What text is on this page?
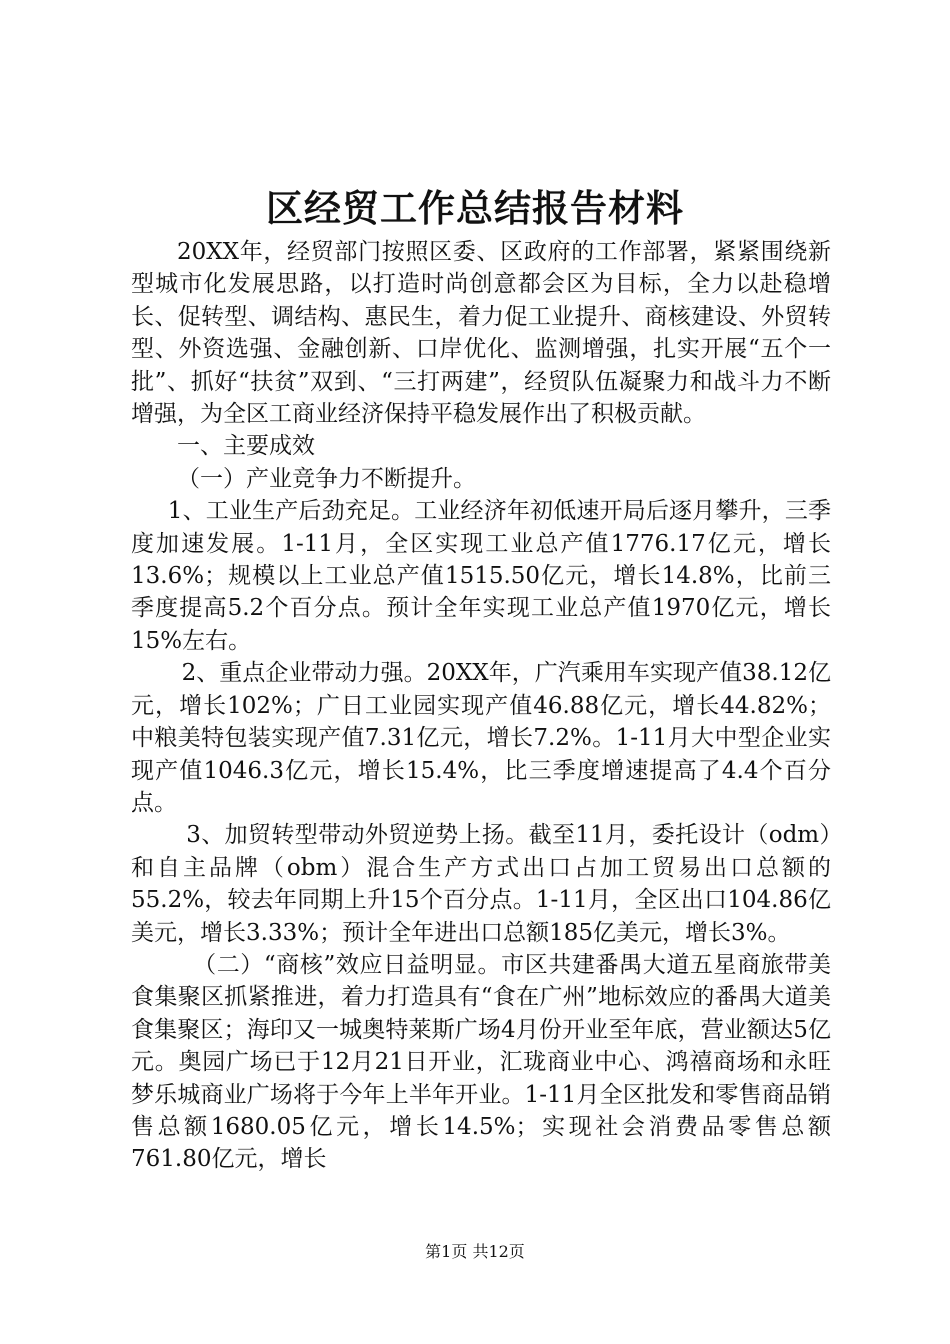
区经贸工作总结报告材料

20XX年，经贸部门按照区委、区政府的工作部署，紧紧围绕新型城市化发展思路，以打造时尚创意都会区为目标，全力以赴稳增长、促转型、调结构、惠民生，着力促工业提升、商核建设、外贸转型、外资选强、金融创新、口岸优化、监测增强，扎实开展“五个一批”、抓好“扶贫”双到、“三打两建”，经贸队伍凝聚力和战斗力不断增强，为全区工商业经济保持平稳发展作出了积极贡献。

一、主要成效

（一）产业竞争力不断提升。

1、工业生产后劲充足。工业经济年初低速开局后逐月攀升，三季度加速发展。1-11月，全区实现工业总产值1776.17亿元，增长13.6%；规模以上工业总产值1515.50亿元，增长14.8%，比前三季度提高5.2个百分点。预计全年实现工业总产值1970亿元，增长15%左右。

2、重点企业带动力强。20XX年，广汽乘用车实现产值38.12亿元，增长102%；广日工业园实现产值46.88亿元，增长44.82%；中粮美特包装实现产值7.31亿元，增长7.2%。1-11月大中型企业实现产值1046.3亿元，增长15.4%，比三季度增速提高了4.4个百分点。

3、加贸转型带动外贸逆势上扬。截至11月，委托设计（odm）和自主品牌（obm）混合生产方式出口占加工贸易出口总额的55.2%，较去年同期上升15个百分点。1-11月，全区出口104.86亿美元，增长3.33%；预计全年进出口总额185亿美元，增长3%。

（二）“商核”效应日益明显。市区共建番禺大道五星商旅带美食集聚区抓紧推进，着力打造具有“食在广州”地标效应的番禺大道美食集聚区；海印又一城奥特莱斯广场4月份开业至年底，营业额达5亿元。奥园广场已于12月21日开业，汇珑商业中心、鸿禧商场和永旺梦乐城商业广场将于今年上半年开业。1-11月全区批发和零售商品销售总额1680.05亿元，增长14.5%；实现社会消费品零售总额761.80亿元，增长

第1页 共12页
